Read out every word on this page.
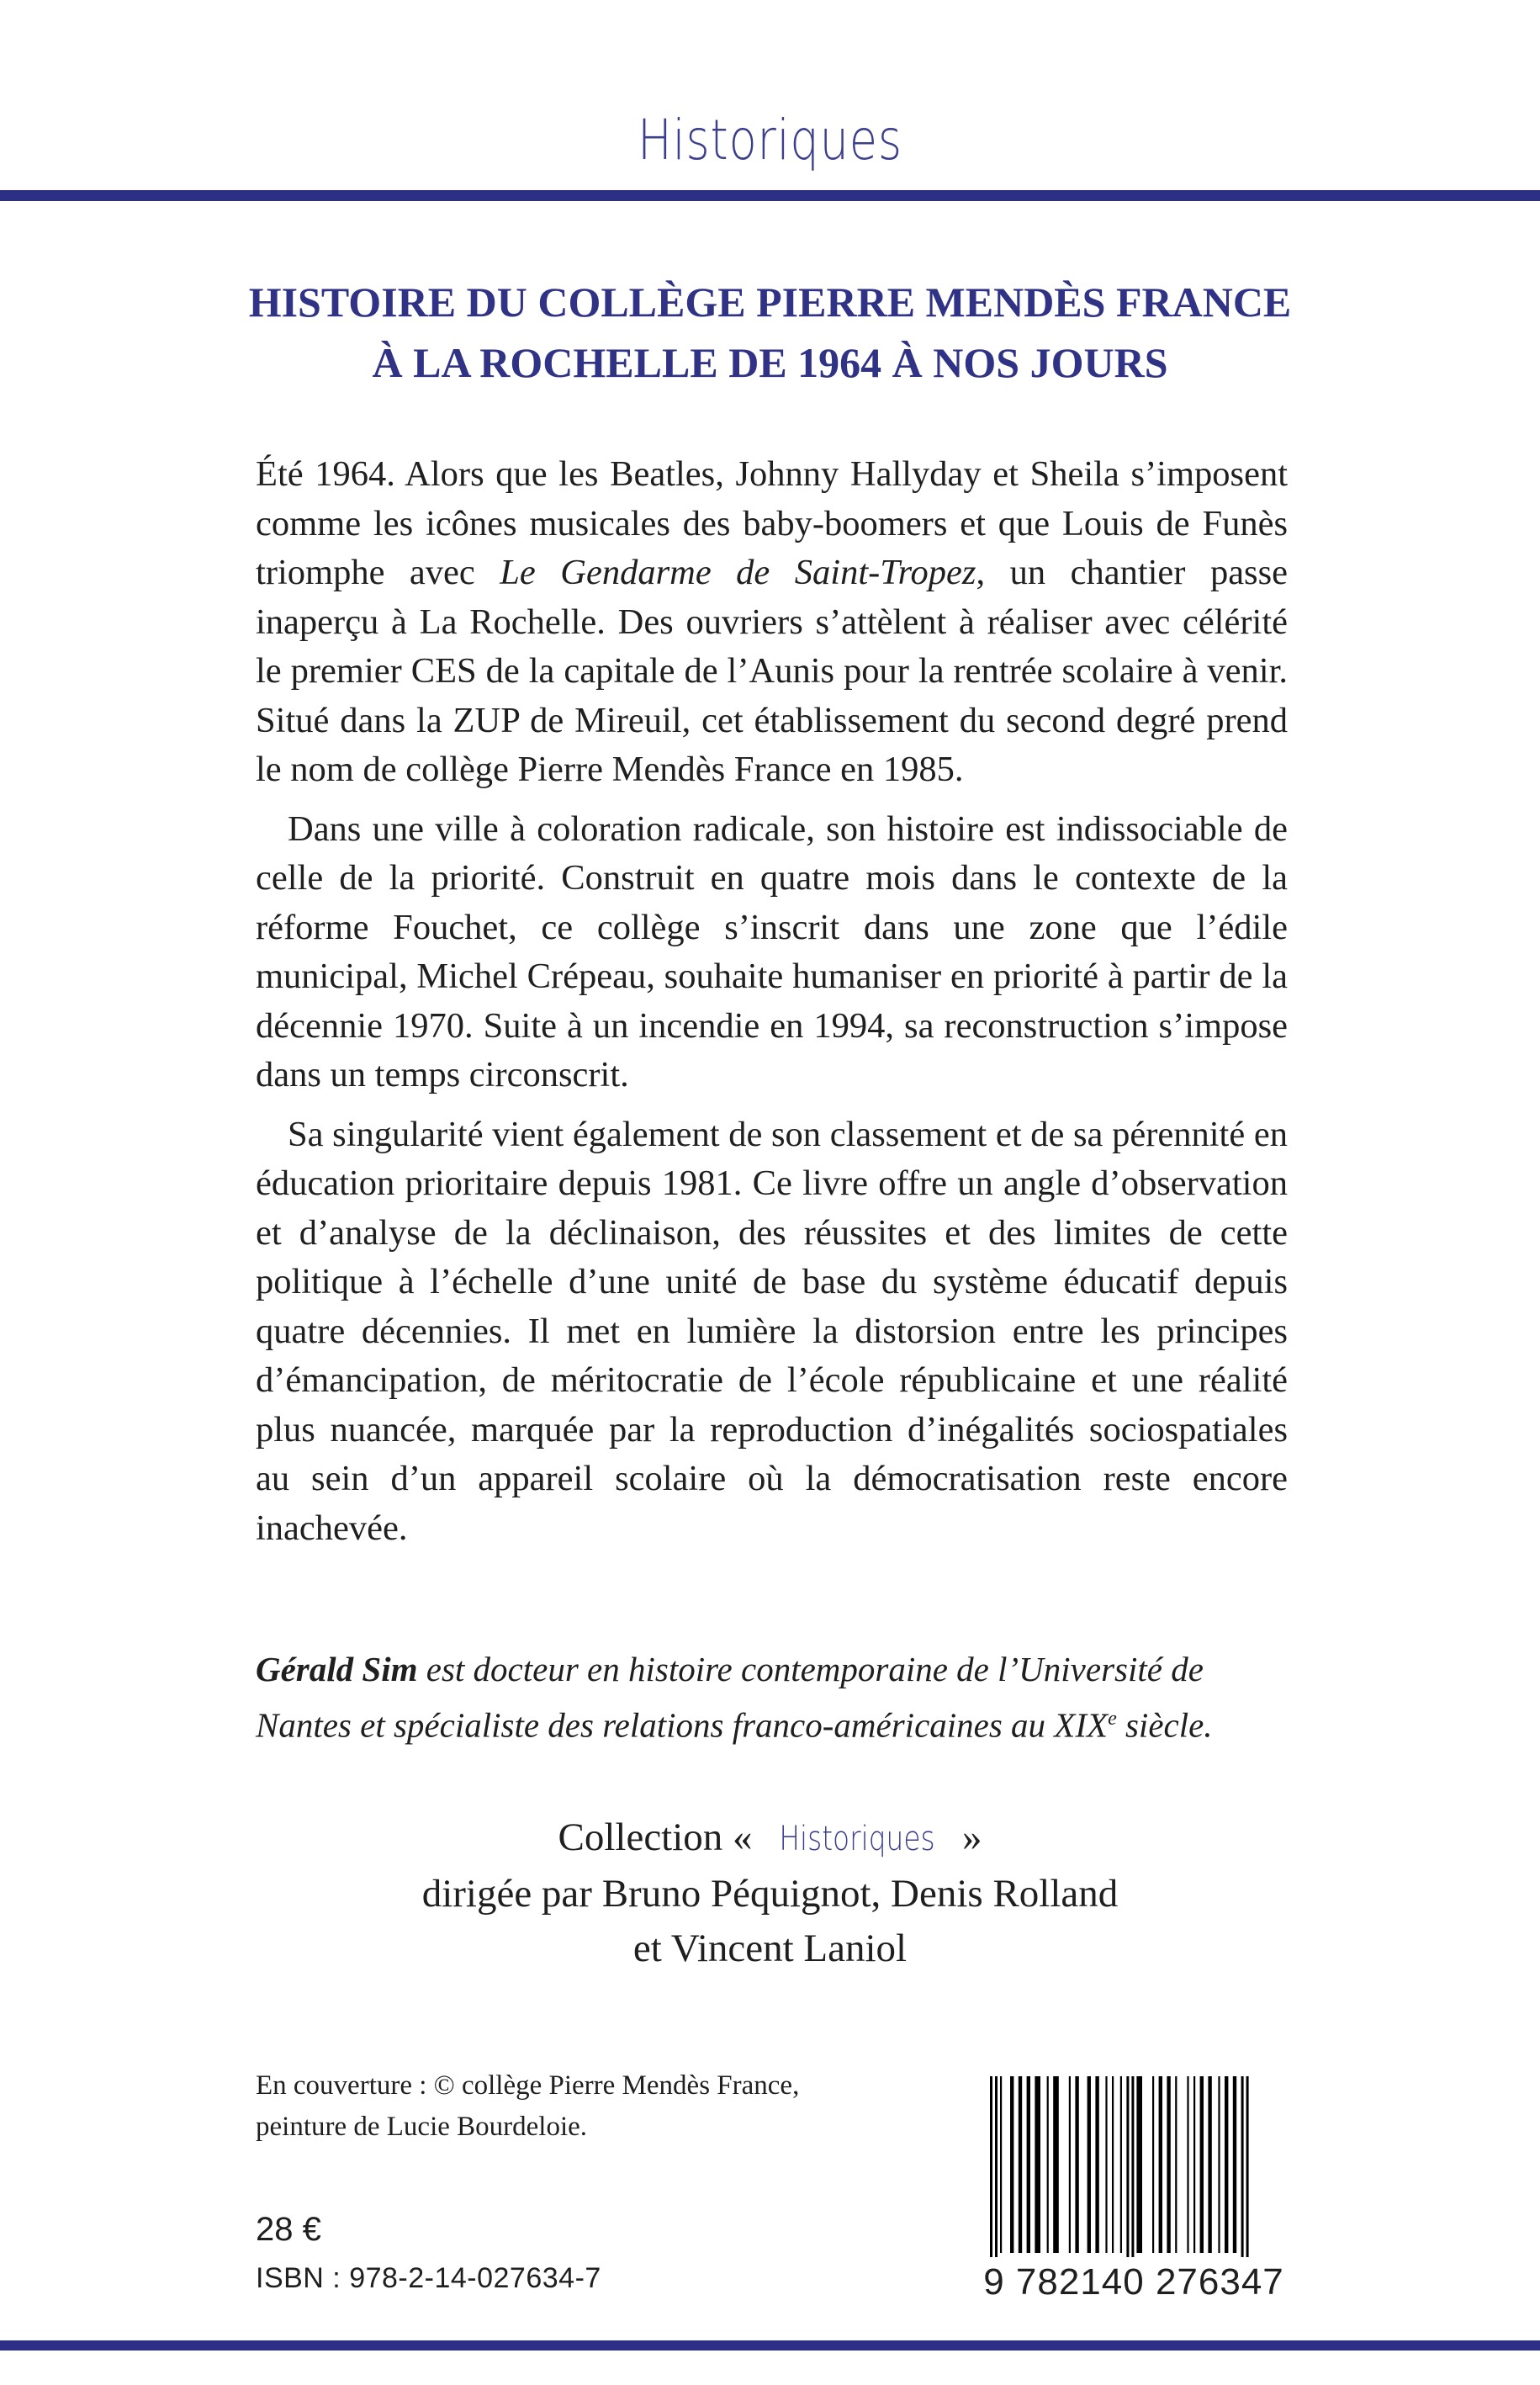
Historiques
HISTOIRE DU COLLÈGE PIERRE MENDÈS FRANCE
À LA ROCHELLE DE 1964 À NOS JOURS

Été 1964. Alors que les Beatles, Johnny Hallyday et Sheila s’imposent comme les icônes musicales des baby-boomers et que Louis de Funès triomphe avec Le Gendarme de Saint-Tropez, un chantier passe inaperçu à La Rochelle. Des ouvriers s’attèlent à réaliser avec célérité le premier CES de la capitale de l’Aunis pour la rentrée scolaire à venir. Situé dans la ZUP de Mireuil, cet établissement du second degré prend le nom de collège Pierre Mendès France en 1985.

Dans une ville à coloration radicale, son histoire est indissociable de celle de la priorité. Construit en quatre mois dans le contexte de la réforme Fouchet, ce collège s’inscrit dans une zone que l’édile municipal, Michel Crépeau, souhaite humaniser en priorité à partir de la décennie 1970. Suite à un incendie en 1994, sa reconstruction s’impose dans un temps circonscrit.

Sa singularité vient également de son classement et de sa pérennité en éducation prioritaire depuis 1981. Ce livre offre un angle d’observation et d’analyse de la déclinaison, des réussites et des limites de cette politique à l’échelle d’une unité de base du système éducatif depuis quatre décennies. Il met en lumière la distorsion entre les principes d’émancipation, de méritocratie de l’école républicaine et une réalité plus nuancée, marquée par la reproduction d’inégalités sociospatiales au sein d’un appareil scolaire où la démocratisation reste encore inachevée.

Gérald Sim est docteur en histoire contemporaine de l’Université de Nantes et spécialiste des relations franco-américaines au XIXe siècle.
Collection « Historiques »
dirigée par Bruno Péquignot, Denis Rolland
et Vincent Laniol
En couverture : © collège Pierre Mendès France,
peinture de Lucie Bourdeloie.
28 €
ISBN : 978-2-14-027634-7	9 782140 276347
